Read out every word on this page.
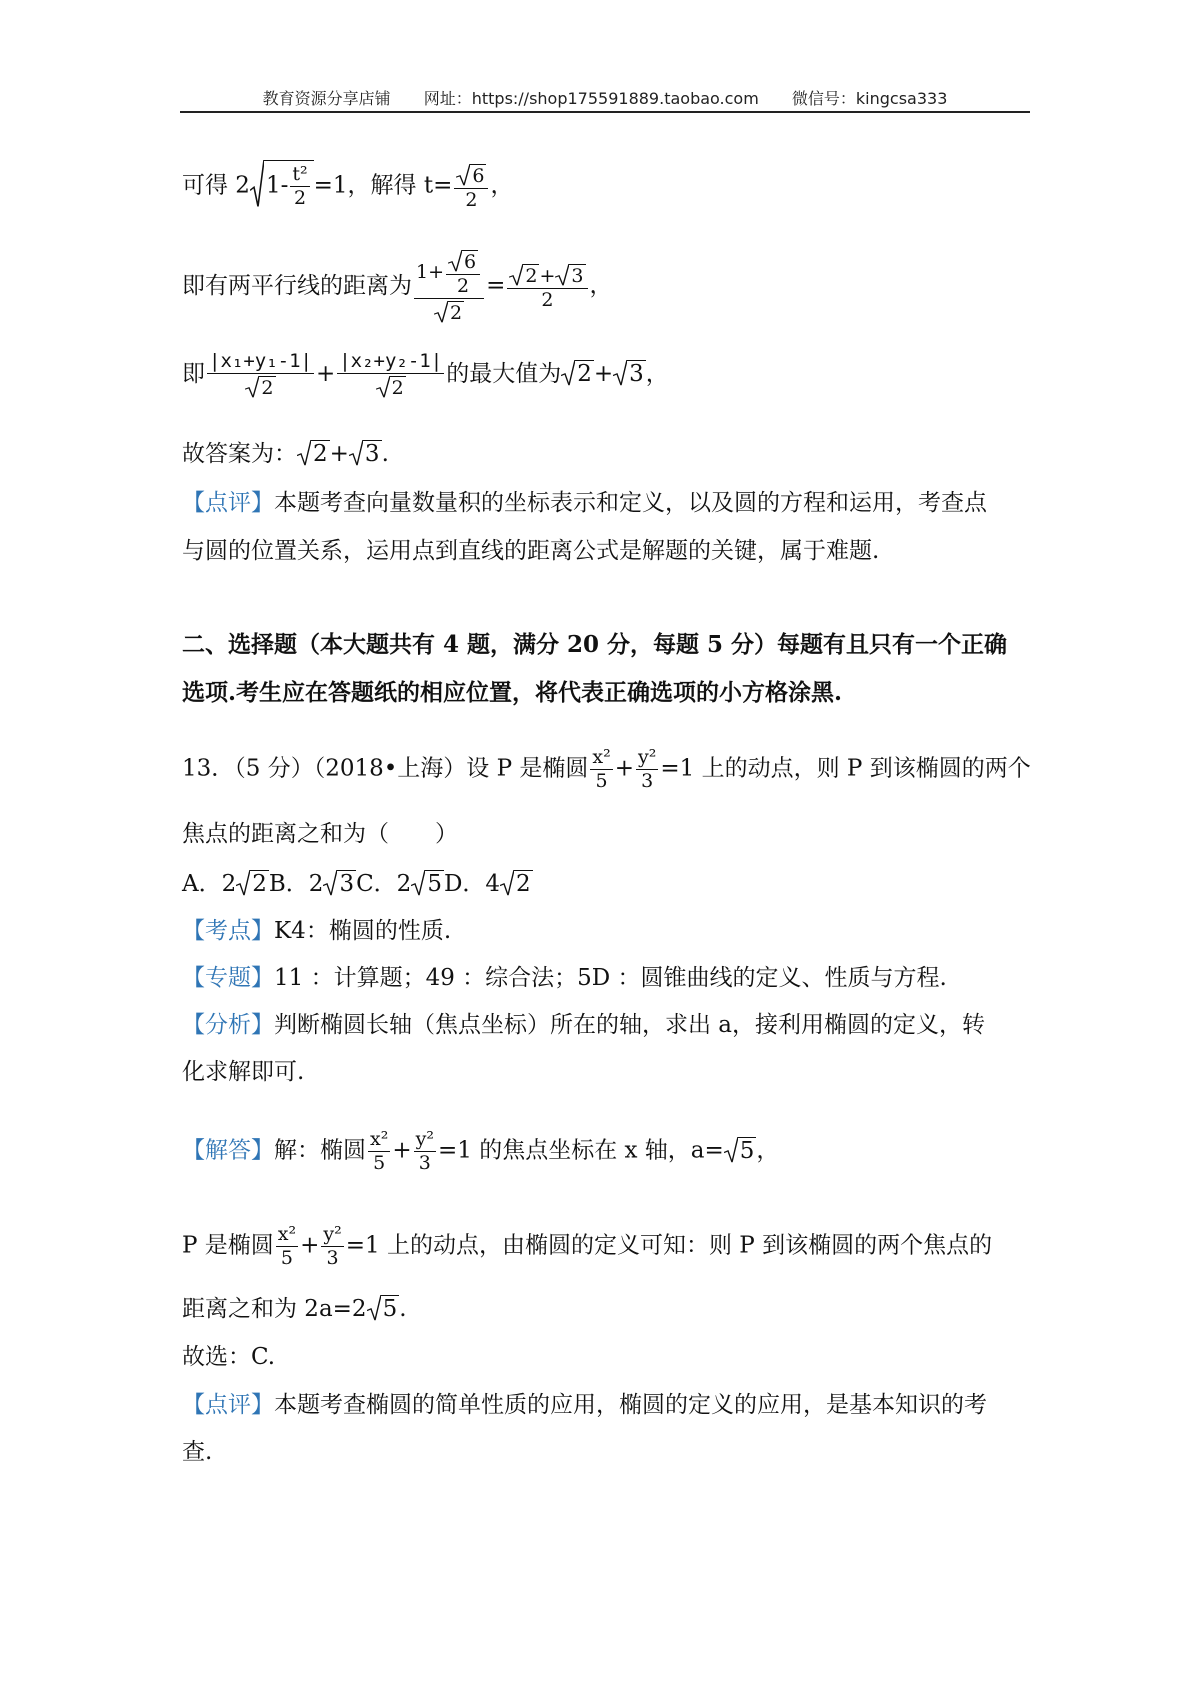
教育资源分享店铺 网址：https://shop175591889.taobao.com 微信号：kingcsa333
可得 2 $1- \frac{\text{t²}}{2} =1$，解得 $t= \frac{6}{2}$ ，
即有两平行线的距离为 $\frac{1+ \frac{6}{2}}{2} = \frac{2 + 3}{2}$ ，
即 $\frac{\text{|x₁+y₁-1|}}{2} + \frac{\text{|x₂+y₂-1|}}{2}$ 的最大值为 2+ 3，
故答案为： 2+ 3.
【点评】本题考查向量数量积的坐标表示和定义，以及圆的方程和运用，考查点
与圆的位置关系，运用点到直线的距离公式是解题的关键，属于难题.
二、选择题（本大题共有 4 题，满分 20 分，每题 5 分）每题有且只有一个正确
选项.考生应在答题纸的相应位置，将代表正确选项的小方格涂黑.
13．（5 分）（2018•上海）设 P 是椭圆 $\frac{\text{x²}}{5} + \frac{\text{y²}}{3} =1$ 上的动点，则 P 到该椭圆的两个
焦点的距离之和为（　　）
A．2 2B．2 3C．2 5D．4 2
【考点】K4：椭圆的性质.
【专题】11 ：计算题；49 ：综合法；5D ：圆锥曲线的定义、性质与方程.
【分析】判断椭圆长轴（焦点坐标）所在的轴，求出 a，接利用椭圆的定义，转
化求解即可.
【解答】解：椭圆 $\frac{\text{x²}}{5} + \frac{\text{y²}}{3} =1$ 的焦点坐标在 x 轴，a= 5，
P 是椭圆 $\frac{\text{x²}}{5} + \frac{\text{y²}}{3} =1$ 上的动点，由椭圆的定义可知：则 P 到该椭圆的两个焦点的
距离之和为 2a=2 5.
故选：C.
【点评】本题考查椭圆的简单性质的应用，椭圆的定义的应用，是基本知识的考
查.
